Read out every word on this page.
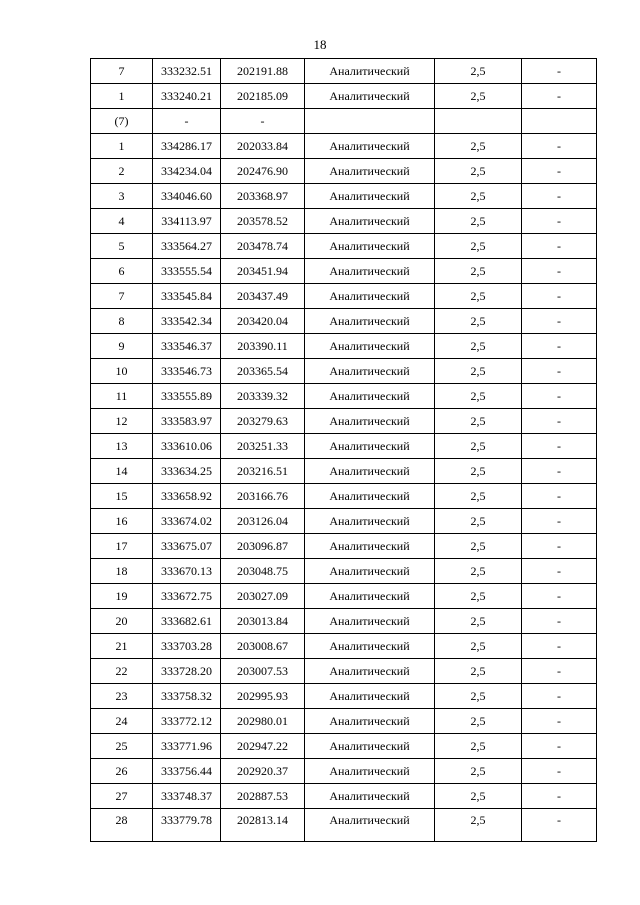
18
7	333232.51	202191.88	Аналитический	2,5	-
1	333240.21	202185.09	Аналитический	2,5	-
(7)	-	-			
1	334286.17	202033.84	Аналитический	2,5	-
2	334234.04	202476.90	Аналитический	2,5	-
3	334046.60	203368.97	Аналитический	2,5	-
4	334113.97	203578.52	Аналитический	2,5	-
5	333564.27	203478.74	Аналитический	2,5	-
6	333555.54	203451.94	Аналитический	2,5	-
7	333545.84	203437.49	Аналитический	2,5	-
8	333542.34	203420.04	Аналитический	2,5	-
9	333546.37	203390.11	Аналитический	2,5	-
10	333546.73	203365.54	Аналитический	2,5	-
11	333555.89	203339.32	Аналитический	2,5	-
12	333583.97	203279.63	Аналитический	2,5	-
13	333610.06	203251.33	Аналитический	2,5	-
14	333634.25	203216.51	Аналитический	2,5	-
15	333658.92	203166.76	Аналитический	2,5	-
16	333674.02	203126.04	Аналитический	2,5	-
17	333675.07	203096.87	Аналитический	2,5	-
18	333670.13	203048.75	Аналитический	2,5	-
19	333672.75	203027.09	Аналитический	2,5	-
20	333682.61	203013.84	Аналитический	2,5	-
21	333703.28	203008.67	Аналитический	2,5	-
22	333728.20	203007.53	Аналитический	2,5	-
23	333758.32	202995.93	Аналитический	2,5	-
24	333772.12	202980.01	Аналитический	2,5	-
25	333771.96	202947.22	Аналитический	2,5	-
26	333756.44	202920.37	Аналитический	2,5	-
27	333748.37	202887.53	Аналитический	2,5	-
28	333779.78	202813.14	Аналитический	2,5	-
